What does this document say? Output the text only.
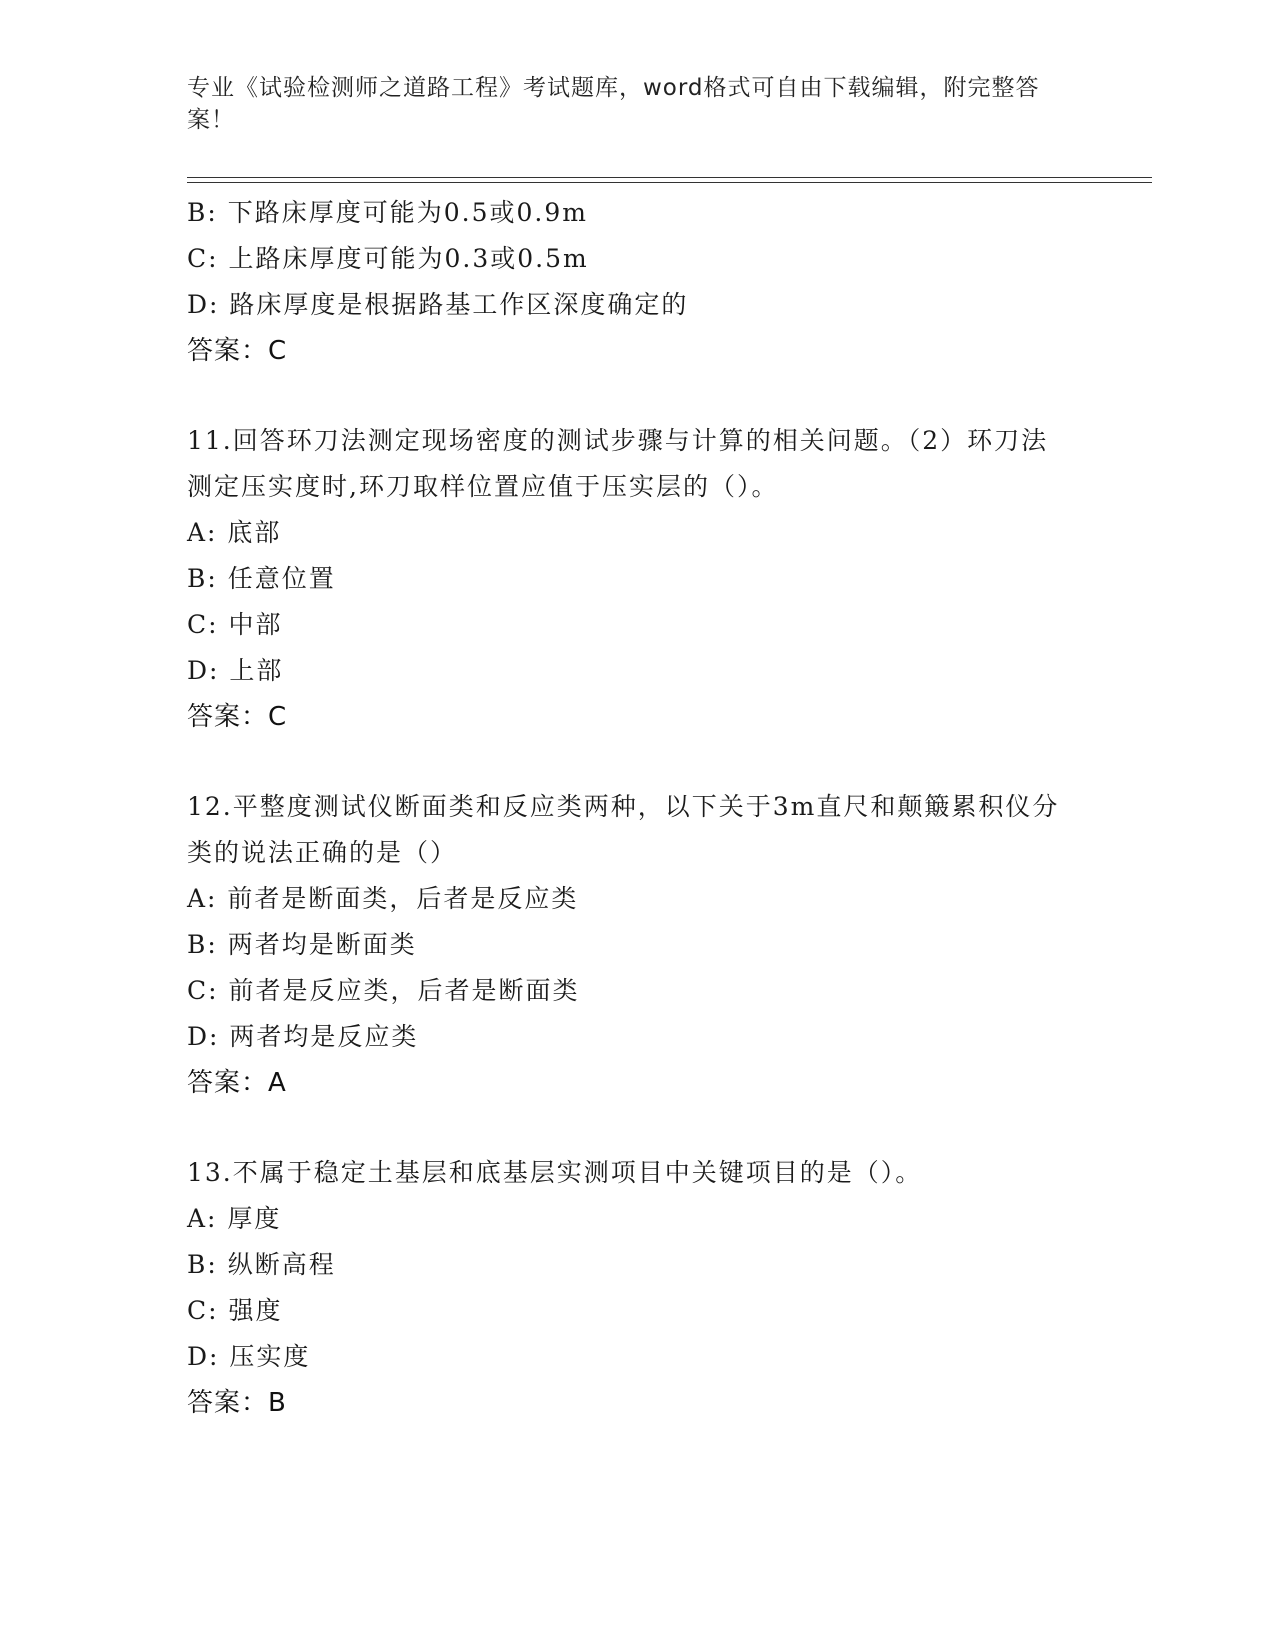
专业《试验检测师之道路工程》考试题库，word格式可自由下载编辑，附完整答案！
B: 下路床厚度可能为0.5或0.9m
C: 上路床厚度可能为0.3或0.5m
D: 路床厚度是根据路基工作区深度确定的
答案：C
11.回答环刀法测定现场密度的测试步骤与计算的相关问题。（2）环刀法测定压实度时,环刀取样位置应值于压实层的（）。
A: 底部
B: 任意位置
C: 中部
D: 上部
答案：C
12.平整度测试仪断面类和反应类两种，以下关于3m直尺和颠簸累积仪分类的说法正确的是（）
A: 前者是断面类，后者是反应类
B: 两者均是断面类
C: 前者是反应类，后者是断面类
D: 两者均是反应类
答案：A
13.不属于稳定土基层和底基层实测项目中关键项目的是（）。
A: 厚度
B: 纵断高程
C: 强度
D: 压实度
答案：B
